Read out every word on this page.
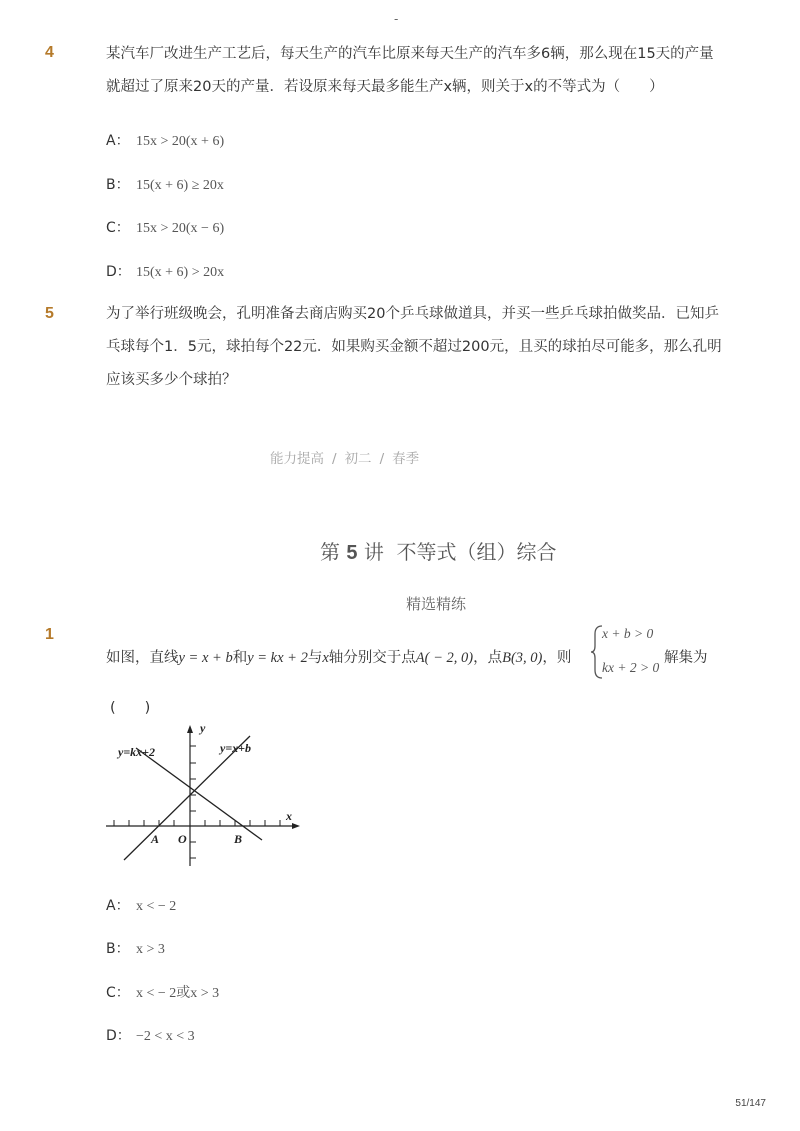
-
4	某汽车厂改进生产工艺后，每天生产的汽车比原来每天生产的汽车多6辆，那么现在15天的产量就超过了原来20天的产量．若设原来每天最多能生产x辆，则关于x的不等式为（　　）
A： 15x > 20(x + 6)
B： 15(x + 6) ≥ 20x
C： 15x > 20(x − 6)
D： 15(x + 6) > 20x
5	为了举行班级晚会，孔明准备去商店购买20个乒乓球做道具，并买一些乒乓球拍做奖品．已知乒乓球每个1．5元，球拍每个22元．如果购买金额不超过200元，且买的球拍尽可能多，那么孔明应该买多少个球拍？
能力提高 / 初二 / 春季
第 5 讲  不等式（组）综合
精选精练
1
如图，直线y = x + b和y = kx + 2与x轴分别交于点A( − 2, 0)，点B(3, 0)，则
x + b > 0
kx + 2 > 0
解集为
(　　)
y=kx+2	y=x+b
x
y
O
A	B
A： x < − 2
B： x > 3
C： x < − 2或x > 3
D： −2 < x < 3
51/147
